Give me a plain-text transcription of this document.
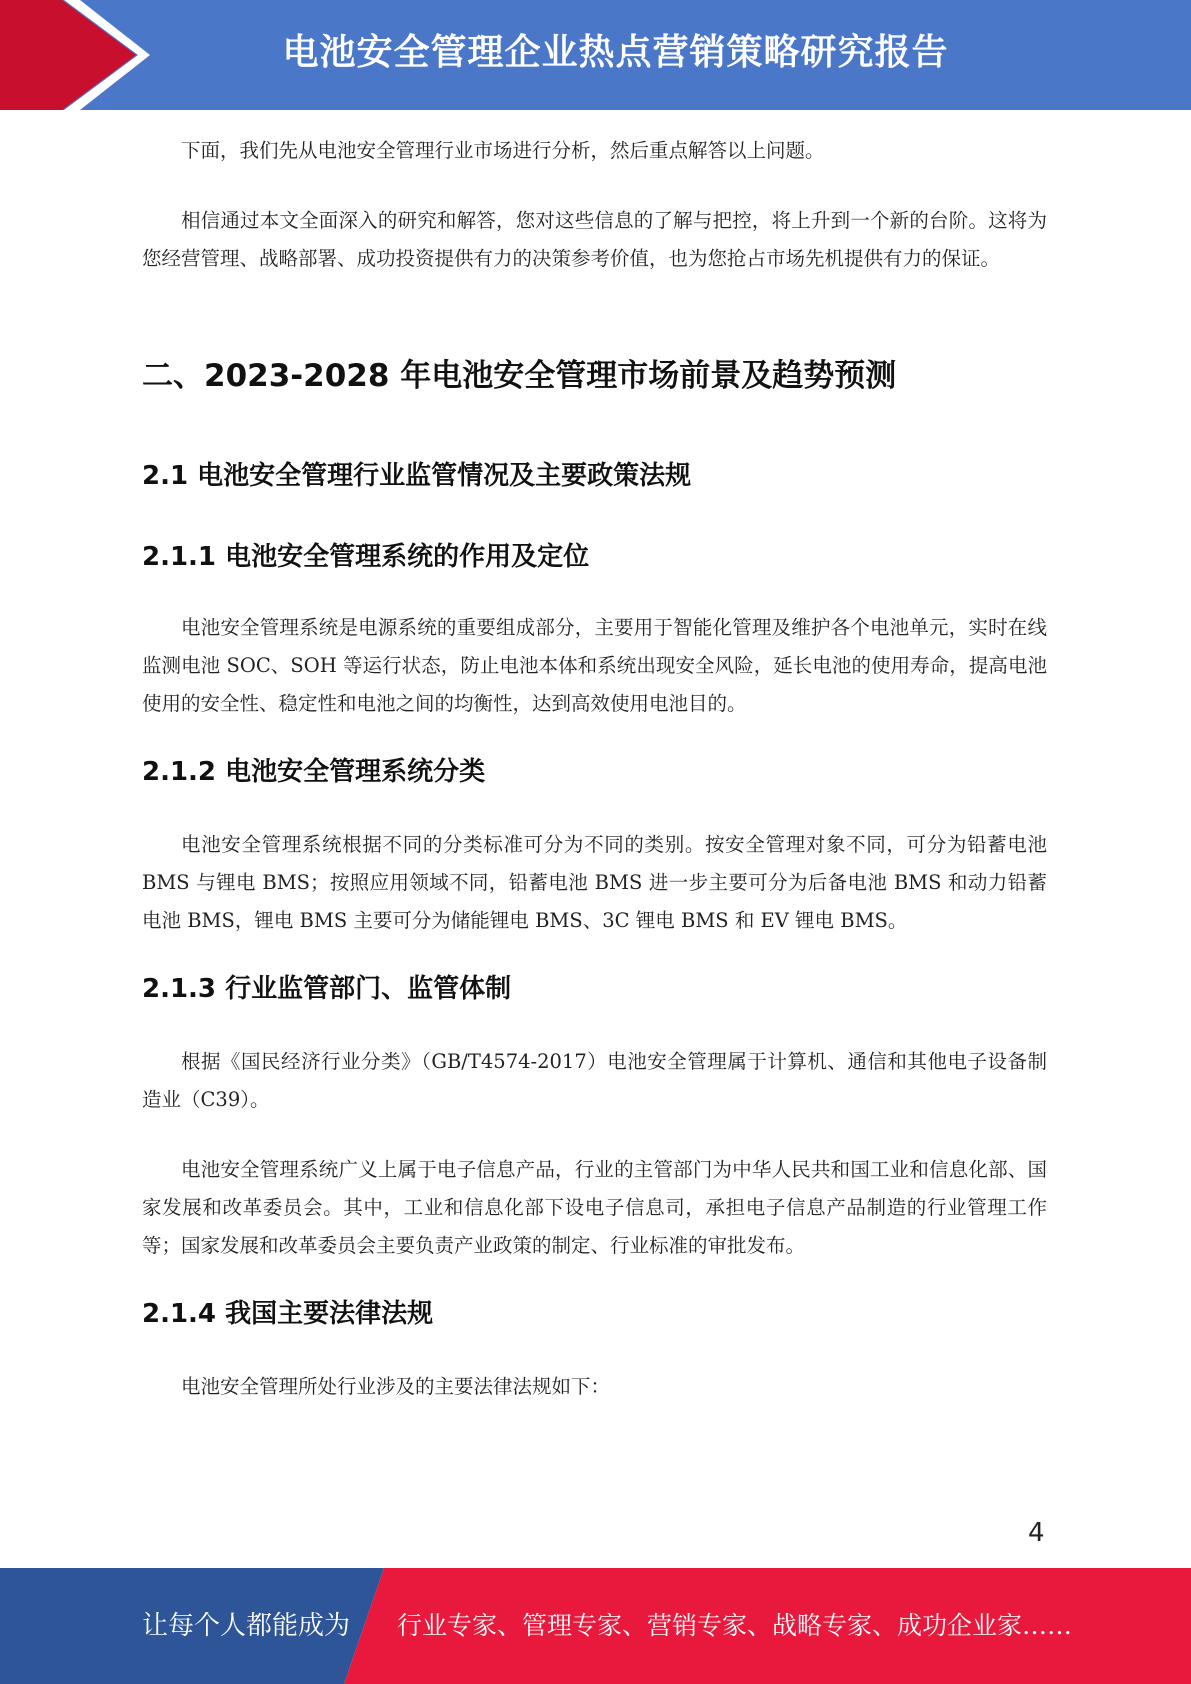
电池安全管理企业热点营销策略研究报告

下面，我们先从电池安全管理行业市场进行分析，然后重点解答以上问题。

相信通过本文全面深入的研究和解答，您对这些信息的了解与把控，将上升到一个新的台阶。这将为您经营管理、战略部署、成功投资提供有力的决策参考价值，也为您抢占市场先机提供有力的保证。

二、2023-2028 年电池安全管理市场前景及趋势预测
2.1 电池安全管理行业监管情况及主要政策法规
2.1.1 电池安全管理系统的作用及定位

电池安全管理系统是电源系统的重要组成部分，主要用于智能化管理及维护各个电池单元，实时在线监测电池 SOC、SOH 等运行状态，防止电池本体和系统出现安全风险，延长电池的使用寿命，提高电池使用的安全性、稳定性和电池之间的均衡性，达到高效使用电池目的。

2.1.2 电池安全管理系统分类

电池安全管理系统根据不同的分类标准可分为不同的类别。按安全管理对象不同，可分为铅蓄电池 BMS 与锂电 BMS；按照应用领域不同，铅蓄电池 BMS 进一步主要可分为后备电池 BMS 和动力铅蓄电池 BMS，锂电 BMS 主要可分为储能锂电 BMS、3C 锂电 BMS 和 EV 锂电 BMS。

2.1.3 行业监管部门、监管体制

根据《国民经济行业分类》（GB/T4574-2017）电池安全管理属于计算机、通信和其他电子设备制造业（C39）。

电池安全管理系统广义上属于电子信息产品，行业的主管部门为中华人民共和国工业和信息化部、国家发展和改革委员会。其中，工业和信息化部下设电子信息司，承担电子信息产品制造的行业管理工作等；国家发展和改革委员会主要负责产业政策的制定、行业标准的审批发布。

2.1.4 我国主要法律法规

电池安全管理所处行业涉及的主要法律法规如下：

4
让每个人都能成为 行业专家、管理专家、营销专家、战略专家、成功企业家……
